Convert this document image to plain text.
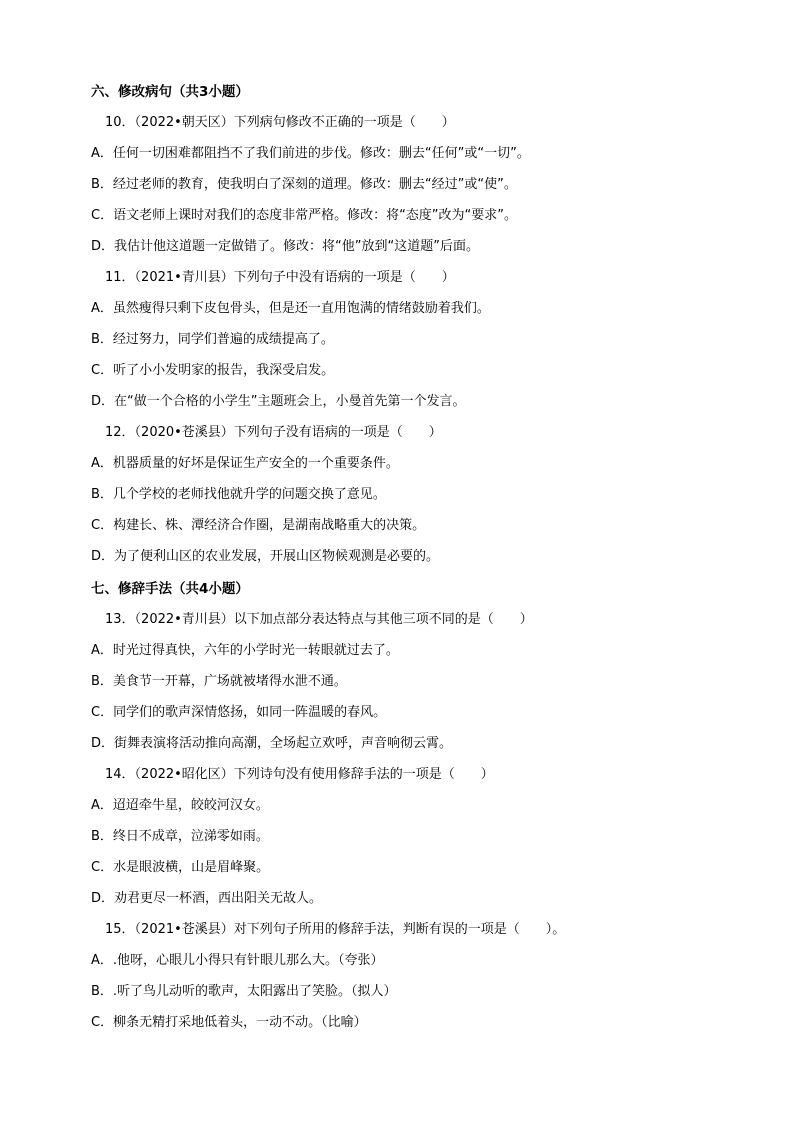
六、修改病句（共3小题）
10．（2022•朝天区）下列病句修改不正确的一项是（　　）
A．任何一切困难都阻挡不了我们前进的步伐。修改：删去“任何”或“一切”。
B．经过老师的教育，使我明白了深刻的道理。修改：删去“经过”或“使”。
C．语文老师上课时对我们的态度非常严格。修改：将“态度”改为“要求”。
D．我估计他这道题一定做错了。修改：将“他”放到“这道题”后面。
11．（2021•青川县）下列句子中没有语病的一项是（　　）
A．虽然瘦得只剩下皮包骨头，但是还一直用饱满的情绪鼓励着我们。
B．经过努力，同学们普遍的成绩提高了。
C．听了小小发明家的报告，我深受启发。
D．在“做一个合格的小学生”主题班会上，小曼首先第一个发言。
12．（2020•苍溪县）下列句子没有语病的一项是（　　）
A．机器质量的好坏是保证生产安全的一个重要条件。
B．几个学校的老师找他就升学的问题交换了意见。
C．构建长、株、潭经济合作圈，是湖南战略重大的决策。
D．为了便利山区的农业发展，开展山区物候观测是必要的。
七、修辞手法（共4小题）
13．（2022•青川县）以下加点部分表达特点与其他三项不同的是（　　）
A．时光过得真快，六年的小学时光一转眼就过去了。
B．美食节一开幕，广场就被堵得水泄不通。
C．同学们的歌声深情悠扬，如同一阵温暖的春风。
D．街舞表演将活动推向高潮，全场起立欢呼，声音响彻云霄。
14．（2022•昭化区）下列诗句没有使用修辞手法的一项是（　　）
A．迢迢牵牛星，皎皎河汉女。
B．终日不成章，泣涕零如雨。
C．水是眼波横，山是眉峰聚。
D．劝君更尽一杯酒，西出阳关无故人。
15．（2021•苍溪县）对下列句子所用的修辞手法，判断有误的一项是（　　）。
A．.他呀，心眼儿小得只有针眼儿那么大。（夸张）
B．.听了鸟儿动听的歌声，太阳露出了笑脸。（拟人）
C．柳条无精打采地低着头，一动不动。（比喻）
